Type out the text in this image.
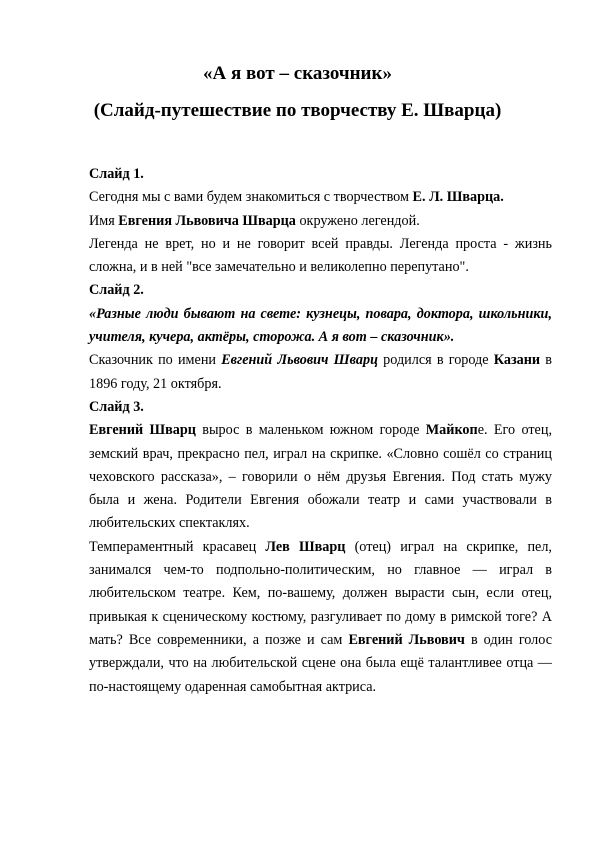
«А я вот – сказочник»
(Слайд-путешествие по творчеству Е. Шварца)

Слайд 1.

Сегодня мы с вами будем знакомиться с творчеством Е. Л. Шварца.

Имя Евгения Львовича Шварца окружено легендой.

Легенда не врет, но и не говорит всей правды. Легенда проста - жизнь сложна, и в ней "все замечательно и великолепно перепутано".

Слайд 2.

«Разные люди бывают на свете: кузнецы, повара, доктора, школьники, учителя, кучера, актёры, сторожа. А я вот – сказочник».

Сказочник по имени Евгений Львович Шварц родился в городе Казани в 1896 году, 21 октября.

Слайд 3.

Евгений Шварц вырос в маленьком южном городе Майкопе. Его отец, земский врач, прекрасно пел, играл на скрипке. «Словно сошёл со страниц чеховского рассказа», – говорили о нём друзья Евгения. Под стать мужу была и жена. Родители Евгения обожали театр и сами участвовали в любительских спектаклях.

Темпераментный красавец Лев Шварц (отец) играл на скрипке, пел, занимался чем-то подпольно-политическим, но главное — играл в любительском театре. Кем, по-вашему, должен вырасти сын, если отец, привыкая к сценическому костюму, разгуливает по дому в римской тоге? А мать? Все современники, а позже и сам Евгений Львович в один голос утверждали, что на любительской сцене она была ещё талантливее отца — по-настоящему одаренная самобытная актриса.
